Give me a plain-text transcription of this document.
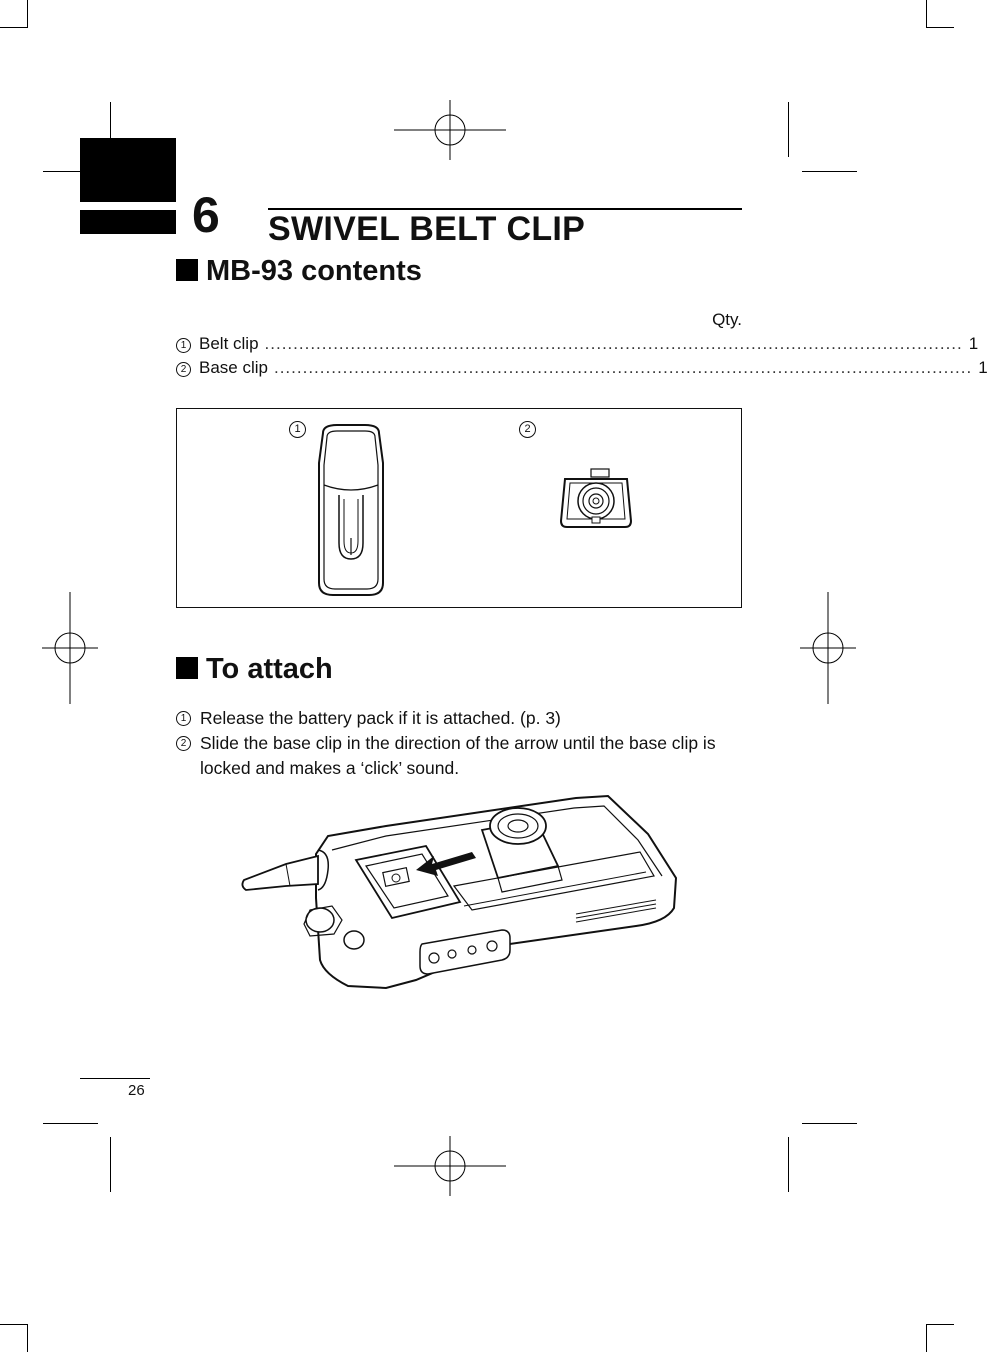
6 SWIVEL BELT CLIP
MB-93 contents
Qty.
1 Belt clip .......................................................................................................................... 1
2 Base clip .......................................................................................................................... 1
1	2
To attach
1 Release the battery pack if it is attached. (p. 3)
2 Slide the base clip in the direction of the arrow until the base clip is locked and makes a ‘click’ sound.
26
